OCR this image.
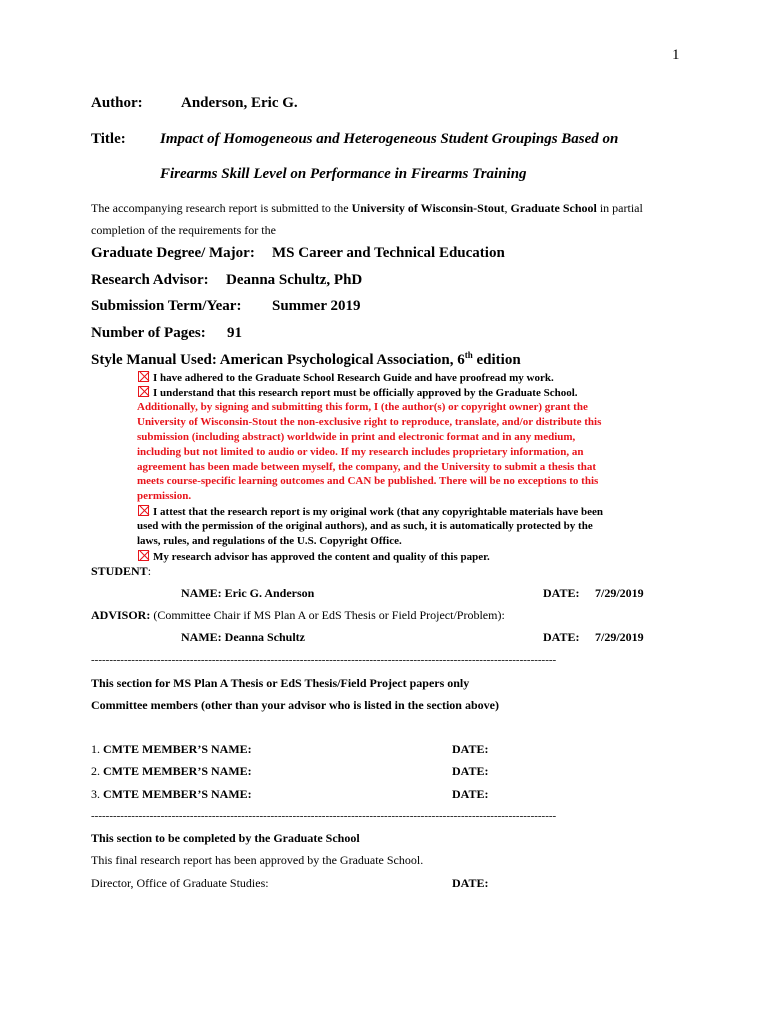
1
Author:	Anderson, Eric G.
Title: Impact of Homogeneous and Heterogeneous Student Groupings Based on
Firearms Skill Level on Performance in Firearms Training
The accompanying research report is submitted to the University of Wisconsin-Stout, Graduate School in partial
completion of the requirements for the
Graduate Degree/ Major: MS Career and Technical Education
Research Advisor: Deanna Schultz, PhD
Submission Term/Year: Summer 2019
Number of Pages: 91
Style Manual Used: American Psychological Association, 6th edition
I have adhered to the Graduate School Research Guide and have proofread my work.
I understand that this research report must be officially approved by the Graduate School.
Additionally, by signing and submitting this form, I (the author(s) or copyright owner) grant the
University of Wisconsin-Stout the non-exclusive right to reproduce, translate, and/or distribute this
submission (including abstract) worldwide in print and electronic format and in any medium,
including but not limited to audio or video. If my research includes proprietary information, an
agreement has been made between myself, the company, and the University to submit a thesis that
meets course-specific learning outcomes and CAN be published. There will be no exceptions to this
permission.
I attest that the research report is my original work (that any copyrightable materials have been
used with the permission of the original authors), and as such, it is automatically protected by the
laws, rules, and regulations of the U.S. Copyright Office.
My research advisor has approved the content and quality of this paper.
STUDENT:
NAME: Eric G. Anderson	DATE: 7/29/2019
ADVISOR: (Committee Chair if MS Plan A or EdS Thesis or Field Project/Problem):
NAME: Deanna Schultz	DATE: 7/29/2019
-------------------------------------------------------------------------------------------------------------------------------
This section for MS Plan A Thesis or EdS Thesis/Field Project papers only
Committee members (other than your advisor who is listed in the section above)
1. CMTE MEMBER’S NAME:	DATE:
2. CMTE MEMBER’S NAME:	DATE:
3. CMTE MEMBER’S NAME:	DATE:
-------------------------------------------------------------------------------------------------------------------------------
This section to be completed by the Graduate School
This final research report has been approved by the Graduate School.
Director, Office of Graduate Studies:	DATE:
